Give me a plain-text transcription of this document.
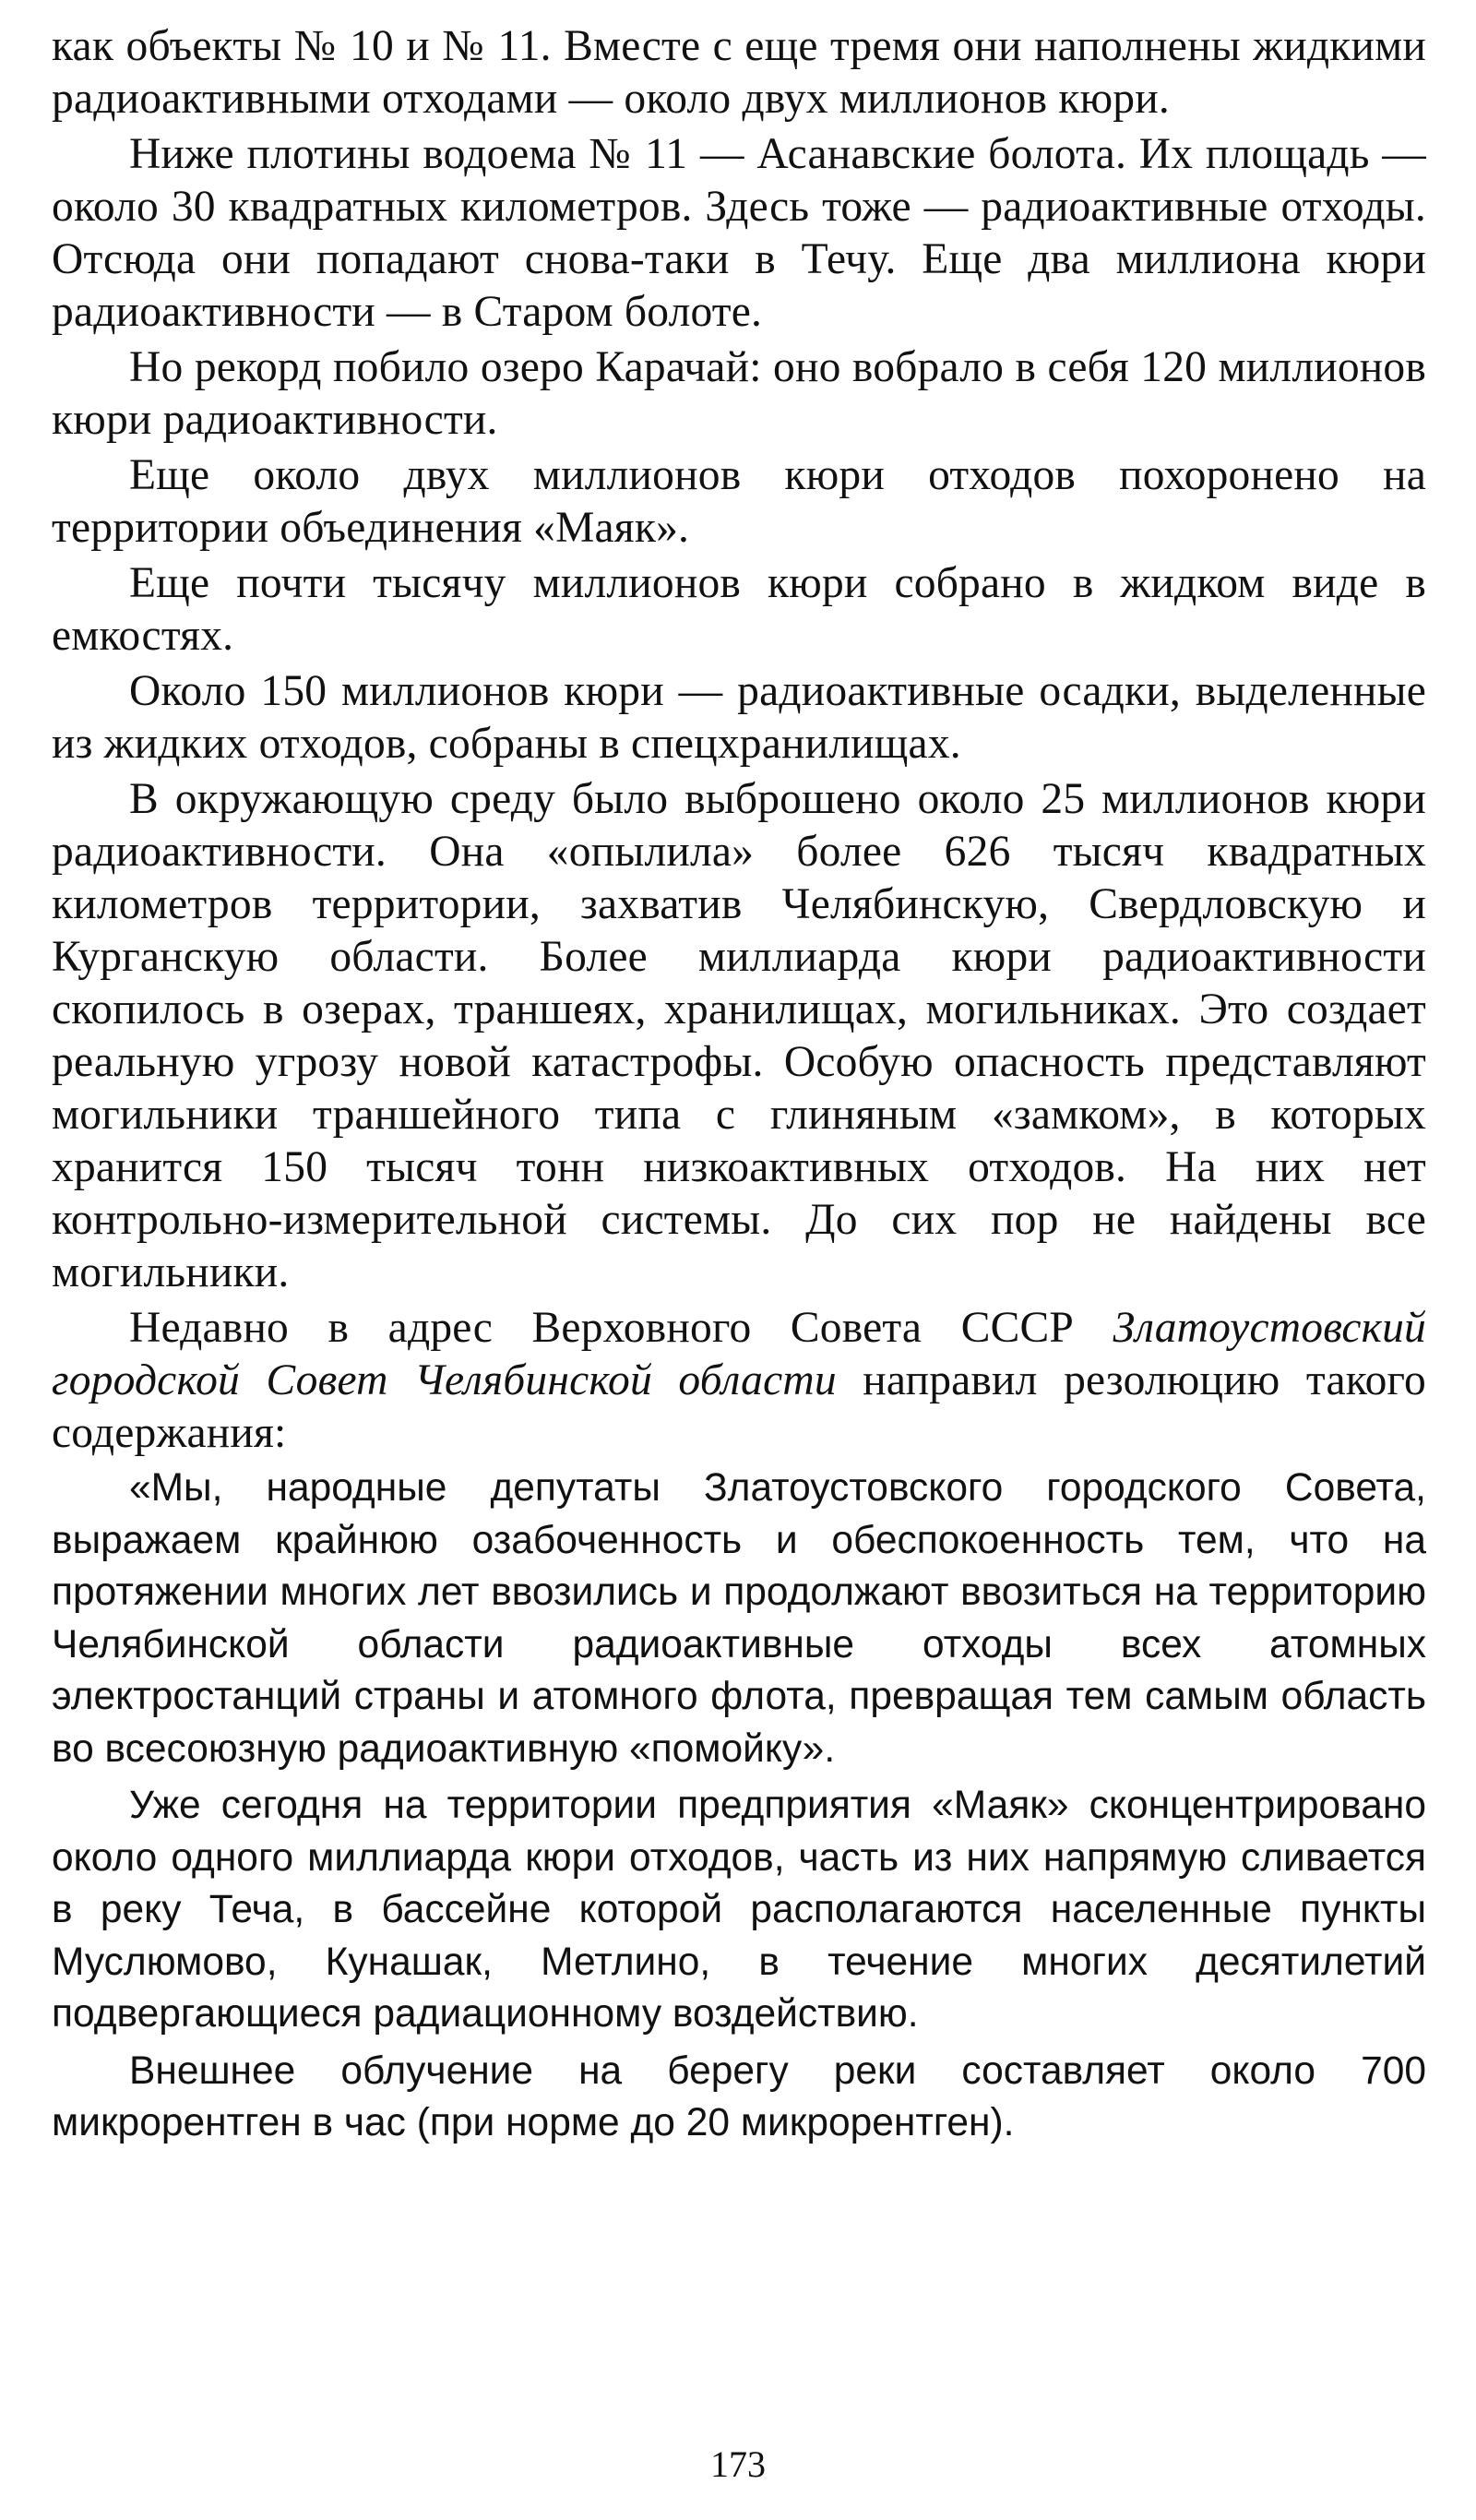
как объекты № 10 и № 11. Вместе с еще тремя они наполнены жидкими радиоактивными отходами — около двух миллионов кюри.

Ниже плотины водоема № 11 — Асанавские болота. Их площадь — около 30 квадратных километров. Здесь тоже — радиоактивные отходы. Отсюда они попадают снова-таки в Течу. Еще два миллиона кюри радиоактивности — в Старом болоте.

Но рекорд побило озеро Карачай: оно вобрало в себя 120 миллионов кюри радиоактивности.

Еще около двух миллионов кюри отходов похоронено на территории объединения «Маяк».

Еще почти тысячу миллионов кюри собрано в жидком виде в емкостях.

Около 150 миллионов кюри — радиоактивные осадки, выделенные из жидких отходов, собраны в спецхранилищах.

В окружающую среду было выброшено около 25 миллионов кюри радиоактивности. Она «опылила» более 626 тысяч квадратных километров территории, захватив Челябинскую, Свердловскую и Курганскую области. Более миллиарда кюри радиоактивности скопилось в озерах, траншеях, хранилищах, могильниках. Это создает реальную угрозу новой катастрофы. Особую опасность представляют могильники траншейного типа с глиняным «замком», в которых хранится 150 тысяч тонн низкоактивных отходов. На них нет контрольно-измерительной системы. До сих пор не найдены все могильники.

Недавно в адрес Верховного Совета СССР Златоустовский городской Совет Челябинской области направил резолюцию такого содержания:

«Мы, народные депутаты Златоустовского городского Совета, выражаем крайнюю озабоченность и обеспокоенность тем, что на протяжении многих лет ввозились и продолжают ввозиться на территорию Челябинской области радиоактивные отходы всех атомных электростанций страны и атомного флота, превращая тем самым область во всесоюзную радиоактивную «помойку».

Уже сегодня на территории предприятия «Маяк» сконцентрировано около одного миллиарда кюри отходов, часть из них напрямую сливается в реку Теча, в бассейне которой располагаются населенные пункты Муслюмово, Кунашак, Метлино, в течение многих десятилетий подвергающиеся радиационному воздействию.

Внешнее облучение на берегу реки составляет около 700 микрорентген в час (при норме до 20 микрорентген).

173
